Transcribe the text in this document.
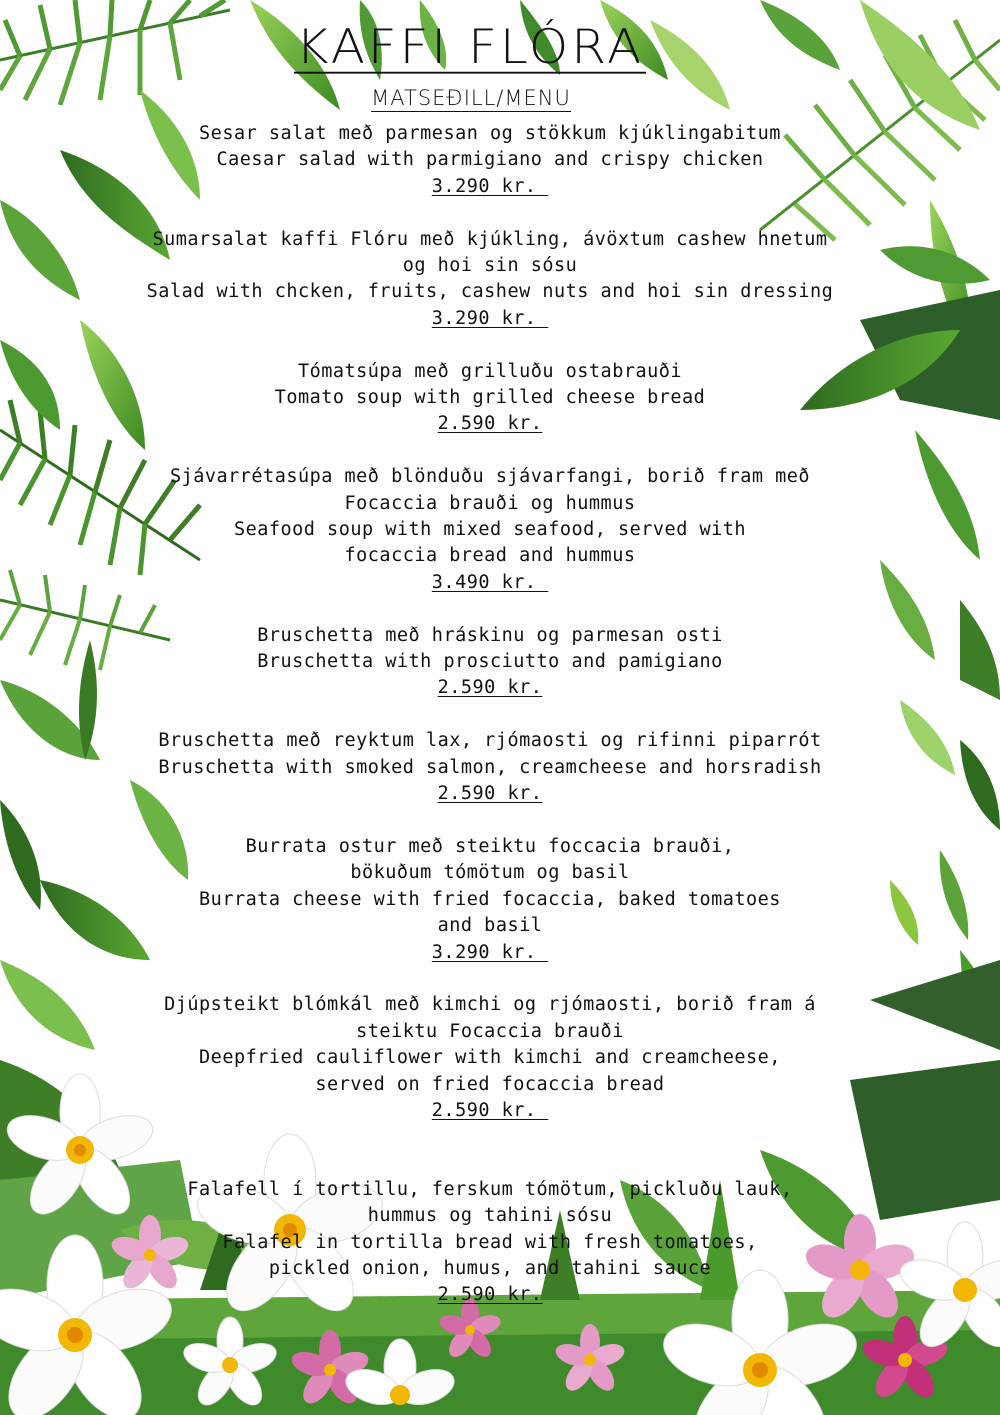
KAFFI FLÓRA
MATSEÐILL/MENU
Sesar salat með parmesan og stökkum kjúklingabitum
Caesar salad with parmigiano and crispy chicken
3.290 kr.
Sumarsalat kaffi Flóru með kjúkling, ávöxtum cashew hnetum
og hoi sin sósu
Salad with chcken, fruits, cashew nuts and hoi sin dressing
3.290 kr.
Tómatsúpa með grilluðu ostabrauði
Tomato soup with grilled cheese bread
2.590 kr.
Sjávarrétasúpa með blönduðu sjávarfangi, borið fram með
Focaccia brauði og hummus
Seafood soup with mixed seafood, served with
focaccia bread and hummus
3.490 kr.
Bruschetta með hráskinu og parmesan osti
Bruschetta with prosciutto and pamigiano
2.590 kr.
Bruschetta með reyktum lax, rjómaosti og rifinni piparrót
Bruschetta with smoked salmon, creamcheese and horsradish
2.590 kr.
Burrata ostur með steiktu foccacia brauði,
bökuðum tómötum og basil
Burrata cheese with fried focaccia, baked tomatoes
and basil
3.290 kr.
Djúpsteikt blómkál með kimchi og rjómaosti, borið fram á
steiktu Focaccia brauði
Deepfried cauliflower with kimchi and creamcheese,
served on fried focaccia bread
2.590 kr.
Falafell í tortillu, ferskum tómötum, pickluðu lauk,
hummus og tahini sósu
Falafel in tortilla bread with fresh tomatoes,
pickled onion, humus, and tahini sauce
2.590 kr.
